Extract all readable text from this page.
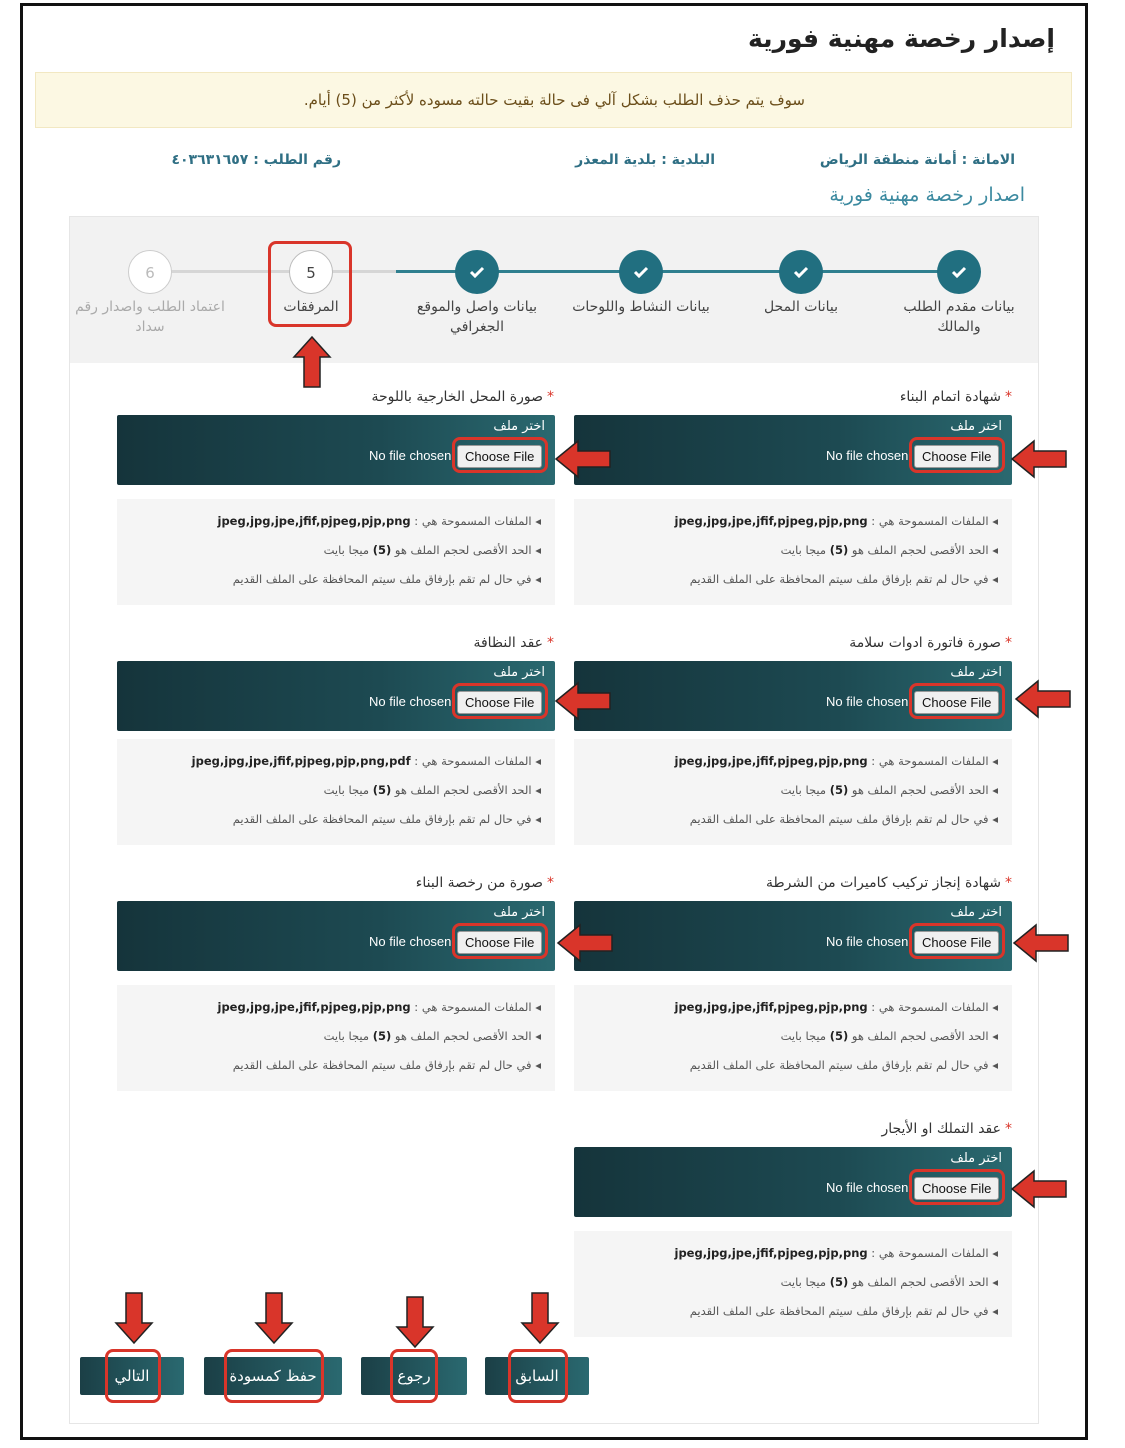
إصدار رخصة مهنية فورية
سوف يتم حذف الطلب بشكل آلي فى حالة بقيت حالته مسوده لأكثر من (5) أيام.
الامانة : أمانة منطقة الرياض
البلدية : بلدية المعذر
رقم الطلب : ٤٠٣٦٣١٦٥٧
اصدار رخصة مهنية فورية
بيانات مقدم الطلب والمالك
بيانات المحل
بيانات النشاط واللوحات
بيانات واصل والموقع الجغرافي
5
المرفقات
6
اعتماد الطلب واصدار رقم سداد
*شهادة اتمام البناء
اختر ملف
No file chosen	Choose File
◂ الملفات المسموحة هي : jpeg,jpg,jpe,jfif,pjpeg,pjp,png
◂ الحد الأقصى لحجم الملف هو (5) ميجا بايت
◂ في حال لم تقم بإرفاق ملف سيتم المحافظة على الملف القديم
*صورة المحل الخارجية باللوحة
اختر ملف
No file chosen	Choose File
◂ الملفات المسموحة هي : jpeg,jpg,jpe,jfif,pjpeg,pjp,png
◂ الحد الأقصى لحجم الملف هو (5) ميجا بايت
◂ في حال لم تقم بإرفاق ملف سيتم المحافظة على الملف القديم
*صورة فاتورة ادوات سلامة
اختر ملف
No file chosen	Choose File
◂ الملفات المسموحة هي : jpeg,jpg,jpe,jfif,pjpeg,pjp,png
◂ الحد الأقصى لحجم الملف هو (5) ميجا بايت
◂ في حال لم تقم بإرفاق ملف سيتم المحافظة على الملف القديم
*عقد النظافة
اختر ملف
No file chosen	Choose File
◂ الملفات المسموحة هي : jpeg,jpg,jpe,jfif,pjpeg,pjp,png,pdf
◂ الحد الأقصى لحجم الملف هو (5) ميجا بايت
◂ في حال لم تقم بإرفاق ملف سيتم المحافظة على الملف القديم
*شهادة إنجاز تركيب كاميرات من الشرطة
اختر ملف
No file chosen	Choose File
◂ الملفات المسموحة هي : jpeg,jpg,jpe,jfif,pjpeg,pjp,png
◂ الحد الأقصى لحجم الملف هو (5) ميجا بايت
◂ في حال لم تقم بإرفاق ملف سيتم المحافظة على الملف القديم
*صورة من رخصة البناء
اختر ملف
No file chosen	Choose File
◂ الملفات المسموحة هي : jpeg,jpg,jpe,jfif,pjpeg,pjp,png
◂ الحد الأقصى لحجم الملف هو (5) ميجا بايت
◂ في حال لم تقم بإرفاق ملف سيتم المحافظة على الملف القديم
*عقد التملك او الأيجار
اختر ملف
No file chosen	Choose File
◂ الملفات المسموحة هي : jpeg,jpg,jpe,jfif,pjpeg,pjp,png
◂ الحد الأقصى لحجم الملف هو (5) ميجا بايت
◂ في حال لم تقم بإرفاق ملف سيتم المحافظة على الملف القديم
التالي	حفظ كمسودة	رجوع	السابق
